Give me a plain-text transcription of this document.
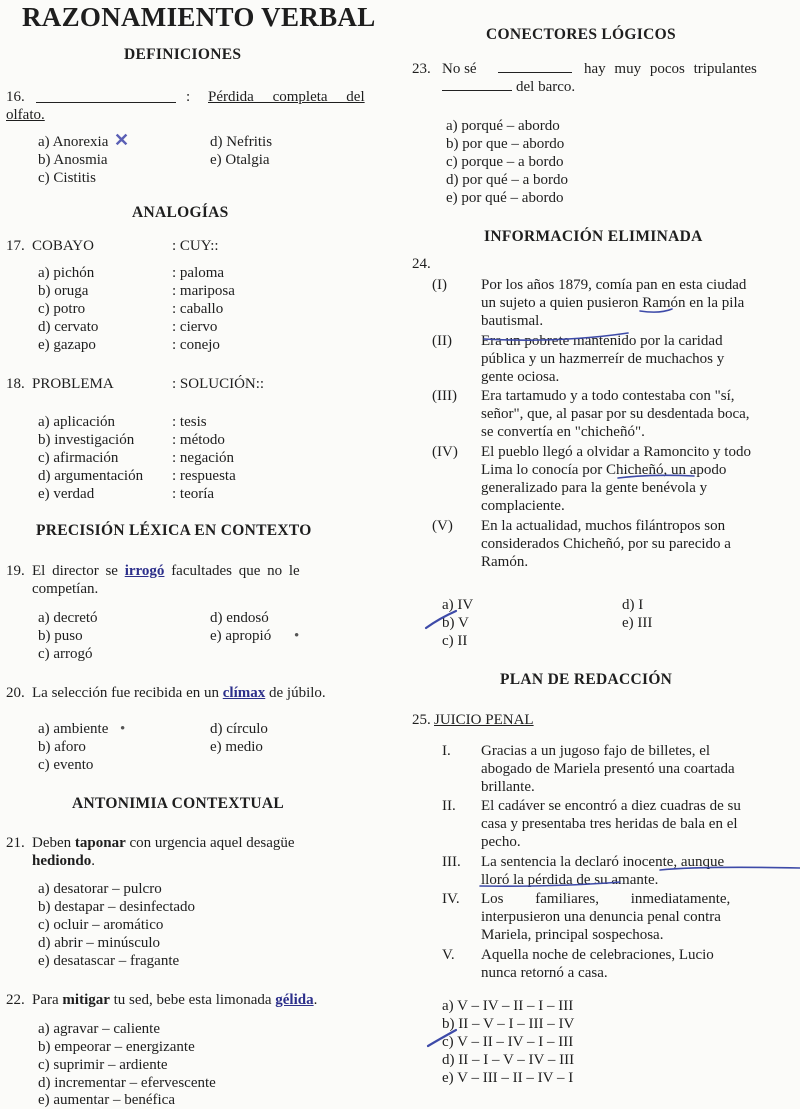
RAZONAMIENTO VERBAL
DEFINICIONES
16.	: Pérdida completa del
olfato.
a) Anorexia ✕
b) Anosmia
c) Cistitis
d) Nefritis
e) Otalgia
ANALOGÍAS
17. COBAYO	: CUY::
a) pichón	: paloma
b) oruga	: mariposa
c) potro	: caballo
d) cervato	: ciervo
e) gazapo	: conejo
18. PROBLEMA	: SOLUCIÓN::
a) aplicación	: tesis
b) investigación	: método
c) afirmación	: negación
d) argumentación : respuesta
e) verdad	: teoría
PRECISIÓN LÉXICA EN CONTEXTO
19. El director se irrogó facultades que no le
competían.
a) decretó
b) puso
c) arrogó
d) endosó
e) apropió •
20. La selección fue recibida en un clímax de júbilo.
a) ambiente •
b) aforo
c) evento
d) círculo
e) medio
ANTONIMIA CONTEXTUAL
21. Deben taponar con urgencia aquel desagüe
hediondo.
a) desatorar – pulcro
b) destapar – desinfectado
c) ocluir – aromático
d) abrir – minúsculo
e) desatascar – fragante
22. Para mitigar tu sed, bebe esta limonada gélida.
a) agravar – caliente
b) empeorar – energizante
c) suprimir – ardiente
d) incrementar – efervescente
e) aumentar – benéfica
CONECTORES LÓGICOS
23. No sé	hay muy pocos tripulantes
del barco.
a) porqué – abordo
b) por que – abordo
c) porque – a bordo
d) por qué – a bordo
e) por qué – abordo
INFORMACIÓN ELIMINADA
24.
(I) Por los años 1879, comía pan en esta ciudad
un sujeto a quien pusieron Ramón en la pila
bautismal.
(II) Era un pobrete mantenido por la caridad
pública y un hazmerreír de muchachos y
gente ociosa.
(III) Era tartamudo y a todo contestaba con "sí,
señor", que, al pasar por su desdentada boca,
se convertía en "chicheñó".
(IV) El pueblo llegó a olvidar a Ramoncito y todo
Lima lo conocía por Chicheñó, un apodo
generalizado para la gente benévola y
complaciente.
(V) En la actualidad, muchos filántropos son
considerados Chicheñó, por su parecido a
Ramón.
a) IV
b) V
c) II
d) I
e) III
PLAN DE REDACCIÓN
25. JUICIO PENAL
I. Gracias a un jugoso fajo de billetes, el
abogado de Mariela presentó una coartada
brillante.
II. El cadáver se encontró a diez cuadras de su
casa y presentaba tres heridas de bala en el
pecho.
III. La sentencia la declaró inocente, aunque
lloró la pérdida de su amante.
IV. Los familiares, inmediatamente,
interpusieron una denuncia penal contra
Mariela, principal sospechosa.
V. Aquella noche de celebraciones, Lucio
nunca retornó a casa.
a) V – IV – II – I – III
b) II – V – I – III – IV
c) V – II – IV – I – III
d) II – I – V – IV – III
e) V – III – II – IV – I
